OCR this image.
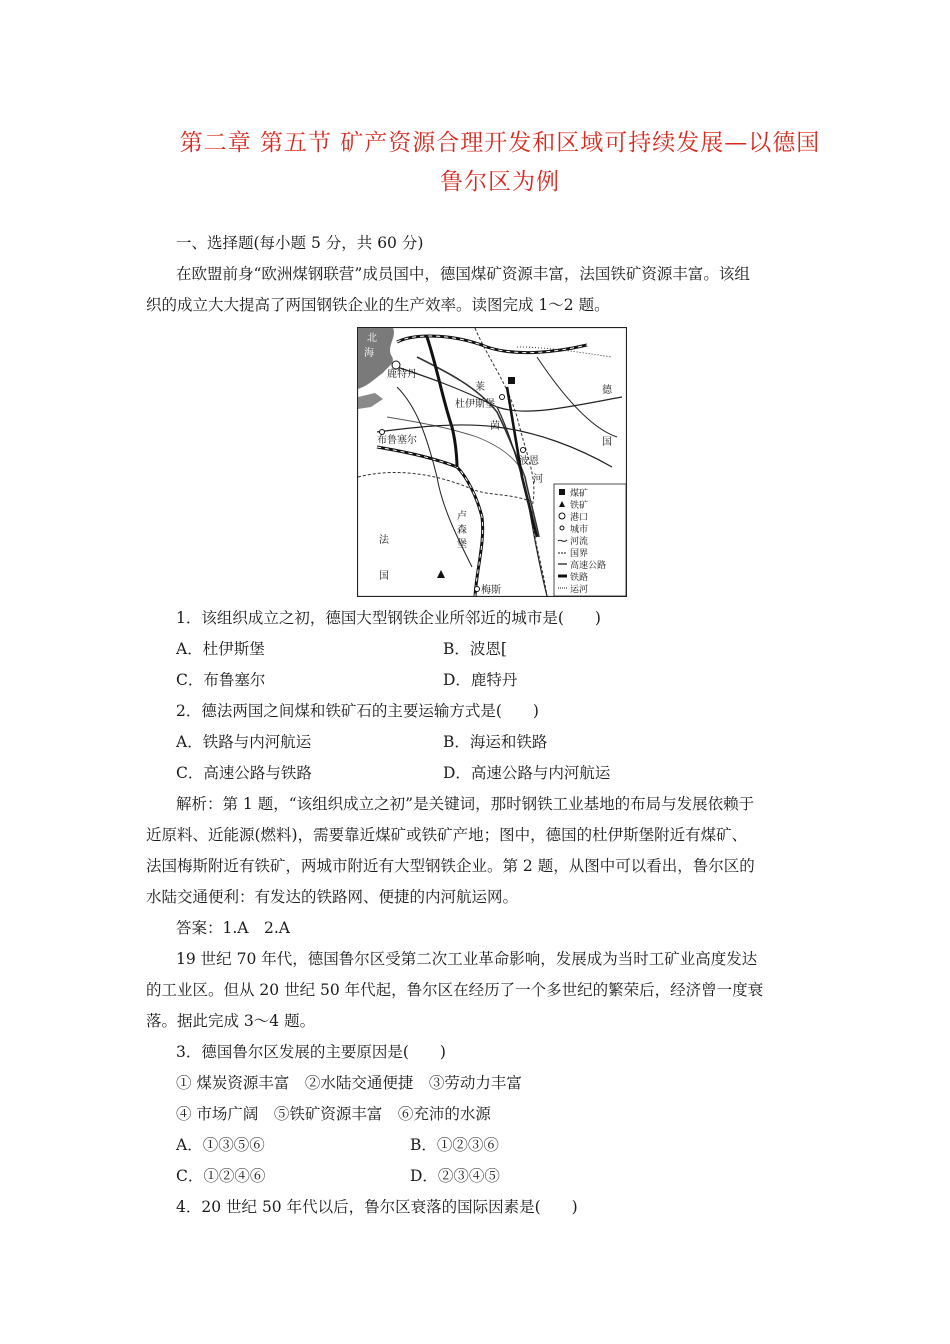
第二章 第五节 矿产资源合理开发和区域可持续发展—以德国
鲁尔区为例
一、选择题(每小题 5 分，共 60 分)
在欧盟前身“欧洲煤钢联营”成员国中，德国煤矿资源丰富，法国铁矿资源丰富。该组
织的成立大大提高了两国钢铁企业的生产效率。读图完成 1～2 题。
北
海
鹿特丹
杜伊斯堡
布鲁塞尔
波恩
梅斯
莱
茵
河
德
国
法
国
卢
森
堡
煤矿
铁矿
港口
城市
河流
国界
高速公路
铁路
运河
1．该组织成立之初，德国大型钢铁企业所邻近的城市是(　　)
A．杜伊斯堡	B．波恩[
C．布鲁塞尔	D．鹿特丹
2．德法两国之间煤和铁矿石的主要运输方式是(　　)
A．铁路与内河航运	B．海运和铁路
C．高速公路与铁路	D．高速公路与内河航运
解析：第 1 题，“该组织成立之初”是关键词，那时钢铁工业基地的布局与发展依赖于
近原料、近能源(燃料)，需要靠近煤矿或铁矿产地；图中，德国的杜伊斯堡附近有煤矿、
法国梅斯附近有铁矿，两城市附近有大型钢铁企业。第 2 题，从图中可以看出，鲁尔区的
水陆交通便利：有发达的铁路网、便捷的内河航运网。
答案：1.A　2.A
19 世纪 70 年代，德国鲁尔区受第二次工业革命影响，发展成为当时工矿业高度发达
的工业区。但从 20 世纪 50 年代起，鲁尔区在经历了一个多世纪的繁荣后，经济曾一度衰
落。据此完成 3～4 题。
3．德国鲁尔区发展的主要原因是(　　)
① 煤炭资源丰富　②水陆交通便捷　③劳动力丰富
④ 市场广阔　⑤铁矿资源丰富　⑥充沛的水源
A．①③⑤⑥	B．①②③⑥
C．①②④⑥	D．②③④⑤
4．20 世纪 50 年代以后，鲁尔区衰落的国际因素是(　　)
